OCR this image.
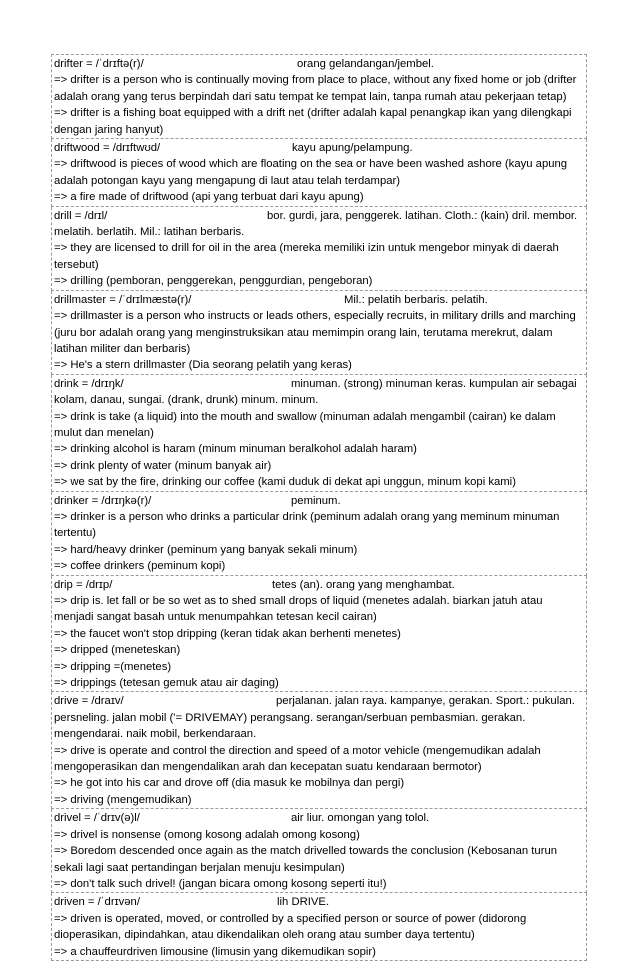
drifter = /ˈdrɪftə(r)/	orang gelandangan/jembel.
=> drifter is a person who is continually moving from place to place, without any fixed home or job (drifter adalah orang yang terus berpindah dari satu tempat ke tempat lain, tanpa rumah atau pekerjaan tetap)
=> drifter is a fishing boat equipped with a drift net (drifter adalah kapal penangkap ikan yang dilengkapi dengan jaring hanyut)
driftwood = /drɪftwʊd/	kayu apung/pelampung.
=> driftwood is pieces of wood which are floating on the sea or have been washed ashore (kayu apung adalah potongan kayu yang mengapung di laut atau telah terdampar)
=> a fire made of driftwood (api yang terbuat dari kayu apung)
drill = /drɪl/	bor. gurdi, jara, penggerek. latihan. Cloth.: (kain) dril. membor. melatih. berlatih. Mil.: latihan berbaris.
=> they are licensed to drill for oil in the area (mereka memiliki izin untuk mengebor minyak di daerah tersebut)
=> drilling (pemboran, penggerekan, penggurdian, pengeboran)
drillmaster = /ˈdrɪlmæstə(r)/	Mil.: pelatih berbaris. pelatih.
=> drillmaster is a person who instructs or leads others, especially recruits, in military drills and marching (juru bor adalah orang yang menginstruksikan atau memimpin orang lain, terutama merekrut, dalam latihan militer dan berbaris)
=> He's a stern drillmaster (Dia seorang pelatih yang keras)
drink = /drɪŋk/	minuman. (strong) minuman keras. kumpulan air sebagai kolam, danau, sungai. (drank, drunk) minum. minum.
=> drink is take (a liquid) into the mouth and swallow (minuman adalah mengambil (cairan) ke dalam mulut dan menelan)
=> drinking alcohol is haram (minum minuman beralkohol adalah haram)
=> drink plenty of water (minum banyak air)
=> we sat by the fire, drinking our coffee (kami duduk di dekat api unggun, minum kopi kami)
drinker = /drɪŋkə(r)/	peminum.
=> drinker is a person who drinks a particular drink (peminum adalah orang yang meminum minuman tertentu)
=> hard/heavy drinker (peminum yang banyak sekali minum)
=> coffee drinkers (peminum kopi)
drip = /drɪp/	tetes (an). orang yang menghambat.
=> drip is. let fall or be so wet as to shed small drops of liquid (menetes adalah. biarkan jatuh atau menjadi sangat basah untuk menumpahkan tetesan kecil cairan)
=> the faucet won't stop dripping (keran tidak akan berhenti menetes)
=> dripped (meneteskan)
=> dripping =(menetes)
=> drippings (tetesan gemuk atau air daging)
drive = /draɪv/	perjalanan. jalan raya. kampanye, gerakan. Sport.: pukulan. persneling. jalan mobil ('= DRIVEMAY) perangsang. serangan/serbuan pembasmian. gerakan. mengendarai. naik mobil, berkendaraan.
=> drive is operate and control the direction and speed of a motor vehicle (mengemudikan adalah mengoperasikan dan mengendalikan arah dan kecepatan suatu kendaraan bermotor)
=> he got into his car and drove off (dia masuk ke mobilnya dan pergi)
=> driving (mengemudikan)
drivel = /ˈdrɪv(ə)l/	air liur. omongan yang tolol.
=> drivel is nonsense (omong kosong adalah omong kosong)
=> Boredom descended once again as the match drivelled towards the conclusion (Kebosanan turun sekali lagi saat pertandingan berjalan menuju kesimpulan)
=> don't talk such drivel! (jangan bicara omong kosong seperti itu!)
driven = /ˈdrɪvən/	lih DRIVE.
=> driven is operated, moved, or controlled by a specified person or source of power (didorong dioperasikan, dipindahkan, atau dikendalikan oleh orang atau sumber daya tertentu)
=> a chauffeurdriven limousine (limusin yang dikemudikan sopir)
